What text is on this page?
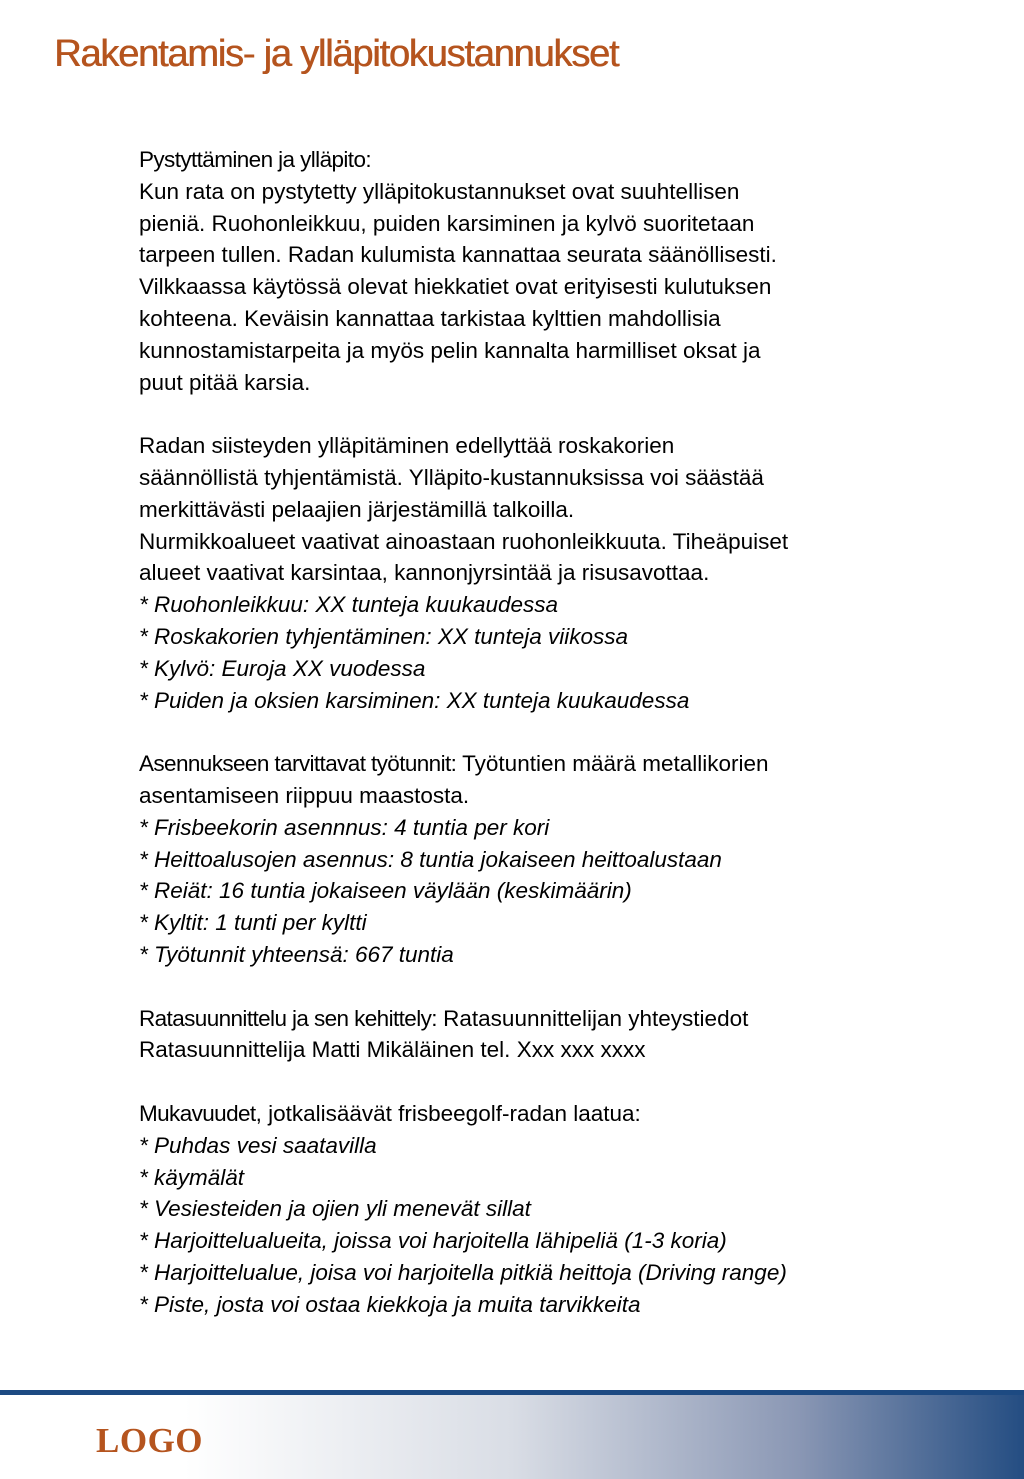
Rakentamis- ja ylläpitokustannukset

Pystyttäminen ja ylläpito:

Kun rata on pystytetty ylläpitokustannukset ovat suuhtellisen

pieniä. Ruohonleikkuu, puiden karsiminen ja kylvö suoritetaan

tarpeen tullen. Radan kulumista kannattaa seurata säänöllisesti.

Vilkkaassa käytössä olevat hiekkatiet ovat erityisesti kulutuksen

kohteena. Keväisin kannattaa tarkistaa kylttien mahdollisia

kunnostamistarpeita ja myös pelin kannalta harmilliset oksat ja

puut pitää karsia.

Radan siisteyden ylläpitäminen edellyttää roskakorien

säännöllistä tyhjentämistä. Ylläpito-kustannuksissa voi säästää

merkittävästi pelaajien järjestämillä talkoilla.

Nurmikkoalueet vaativat ainoastaan ruohonleikkuuta. Tiheäpuiset

alueet vaativat karsintaa, kannonjyrsintää ja risusavottaa.

* Ruohonleikkuu: XX tunteja kuukaudessa

* Roskakorien tyhjentäminen: XX tunteja viikossa

* Kylvö: Euroja XX vuodessa

* Puiden ja oksien karsiminen: XX tunteja kuukaudessa

Asennukseen tarvittavat työtunnit: Työtuntien määrä metallikorien

asentamiseen riippuu maastosta.

* Frisbeekorin asennnus: 4 tuntia per kori

* Heittoalusojen asennus: 8 tuntia jokaiseen heittoalustaan

* Reiät: 16 tuntia jokaiseen väylään (keskimäärin)

* Kyltit: 1 tunti per kyltti

* Työtunnit yhteensä: 667 tuntia

Ratasuunnittelu ja sen kehittely: Ratasuunnittelijan yhteystiedot

Ratasuunnittelija Matti Mikäläinen tel. Xxx xxx xxxx

Mukavuudet, jotkalisäävät frisbeegolf-radan laatua:

* Puhdas vesi saatavilla

* käymälät

* Vesiesteiden ja ojien yli menevät sillat

* Harjoittelualueita, joissa voi harjoitella lähipeliä (1-3 koria)

* Harjoittelualue, joisa voi harjoitella pitkiä heittoja (Driving range)

* Piste, josta voi ostaa kiekkoja ja muita tarvikkeita

LOGO
